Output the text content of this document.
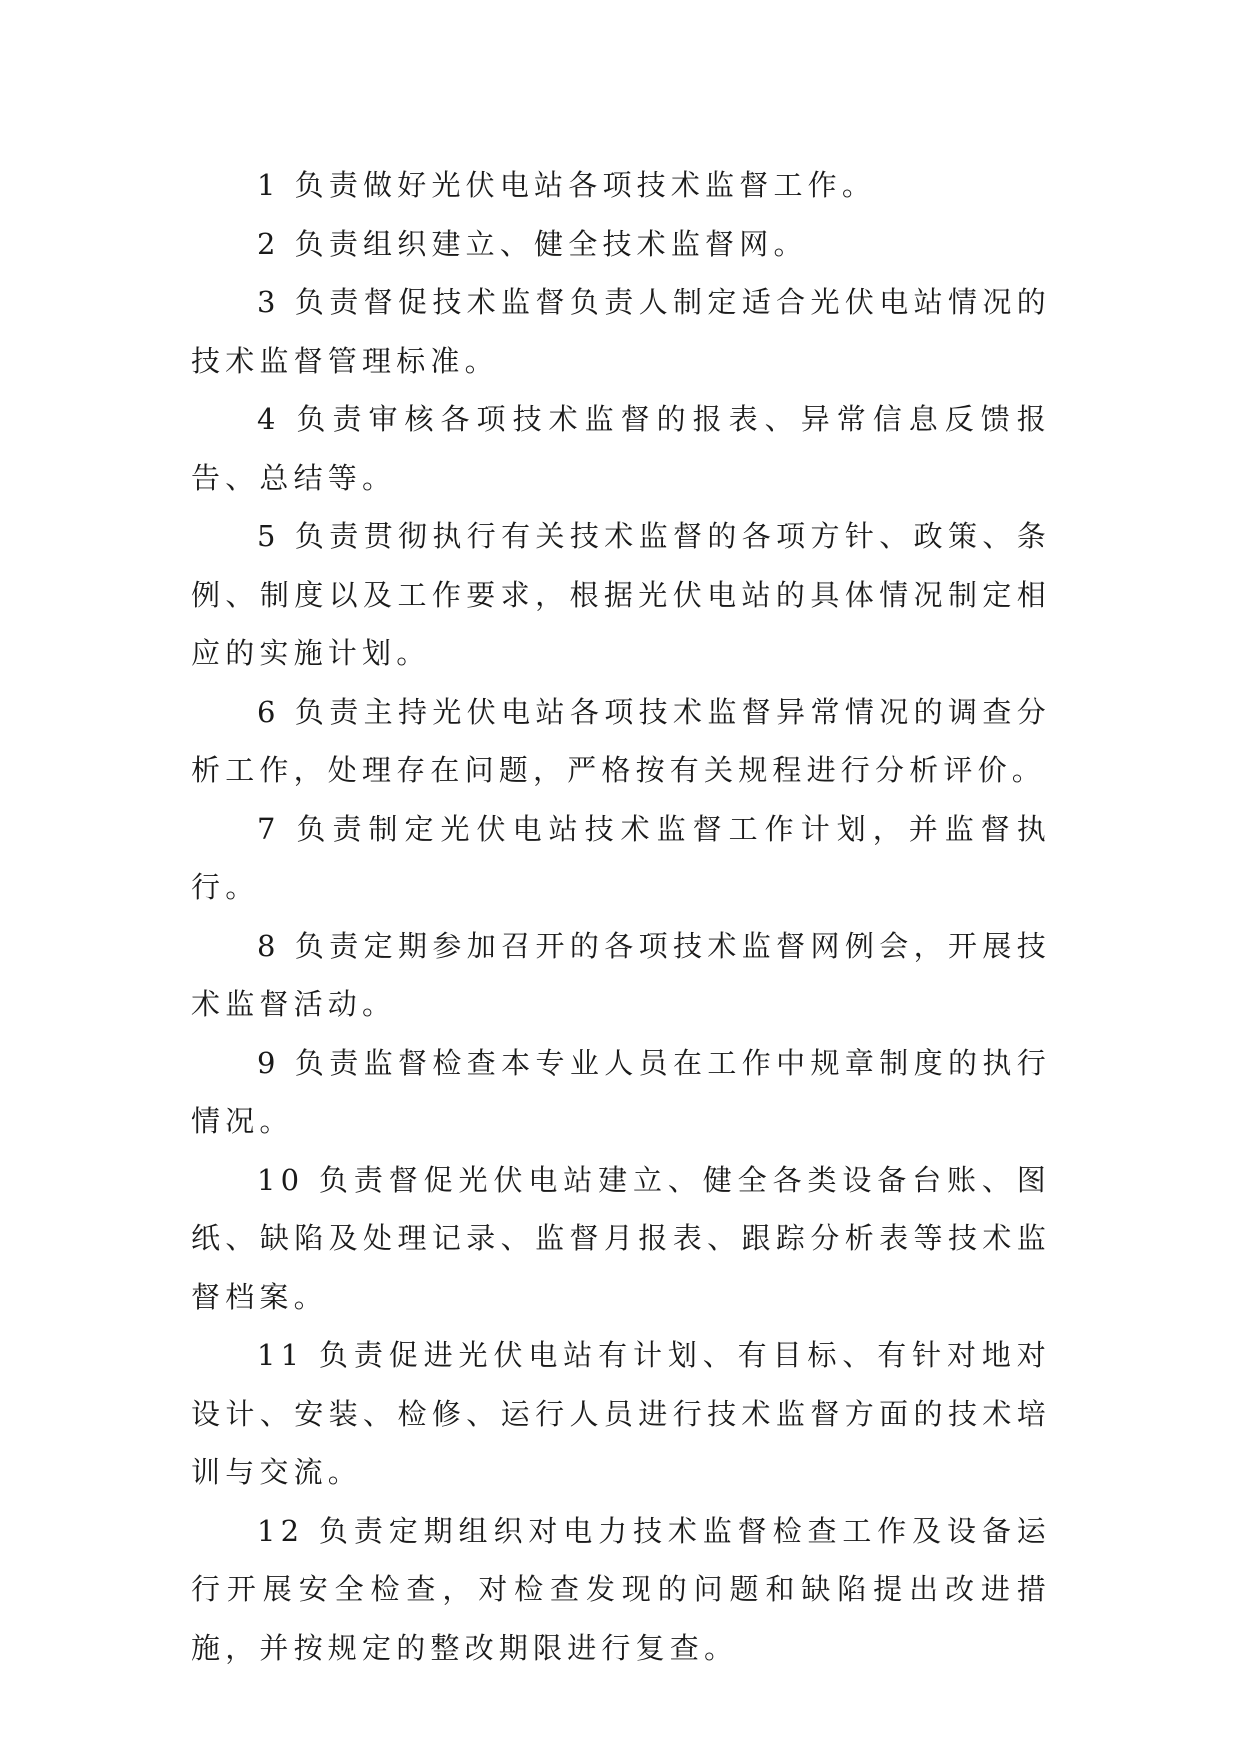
1 负责做好光伏电站各项技术监督工作。

2 负责组织建立、健全技术监督网。

3 负责督促技术监督负责人制定适合光伏电站情况的技术监督管理标准。

4 负责审核各项技术监督的报表、异常信息反馈报告、总结等。

5 负责贯彻执行有关技术监督的各项方针、政策、条例、制度以及工作要求，根据光伏电站的具体情况制定相应的实施计划。

6 负责主持光伏电站各项技术监督异常情况的调查分析工作，处理存在问题，严格按有关规程进行分析评价。

7 负责制定光伏电站技术监督工作计划，并监督执行。

8 负责定期参加召开的各项技术监督网例会，开展技术监督活动。

9 负责监督检查本专业人员在工作中规章制度的执行情况。

10 负责督促光伏电站建立、健全各类设备台账、图纸、缺陷及处理记录、监督月报表、跟踪分析表等技术监督档案。

11 负责促进光伏电站有计划、有目标、有针对地对设计、安装、检修、运行人员进行技术监督方面的技术培训与交流。

12 负责定期组织对电力技术监督检查工作及设备运行开展安全检查，对检查发现的问题和缺陷提出改进措施，并按规定的整改期限进行复查。
